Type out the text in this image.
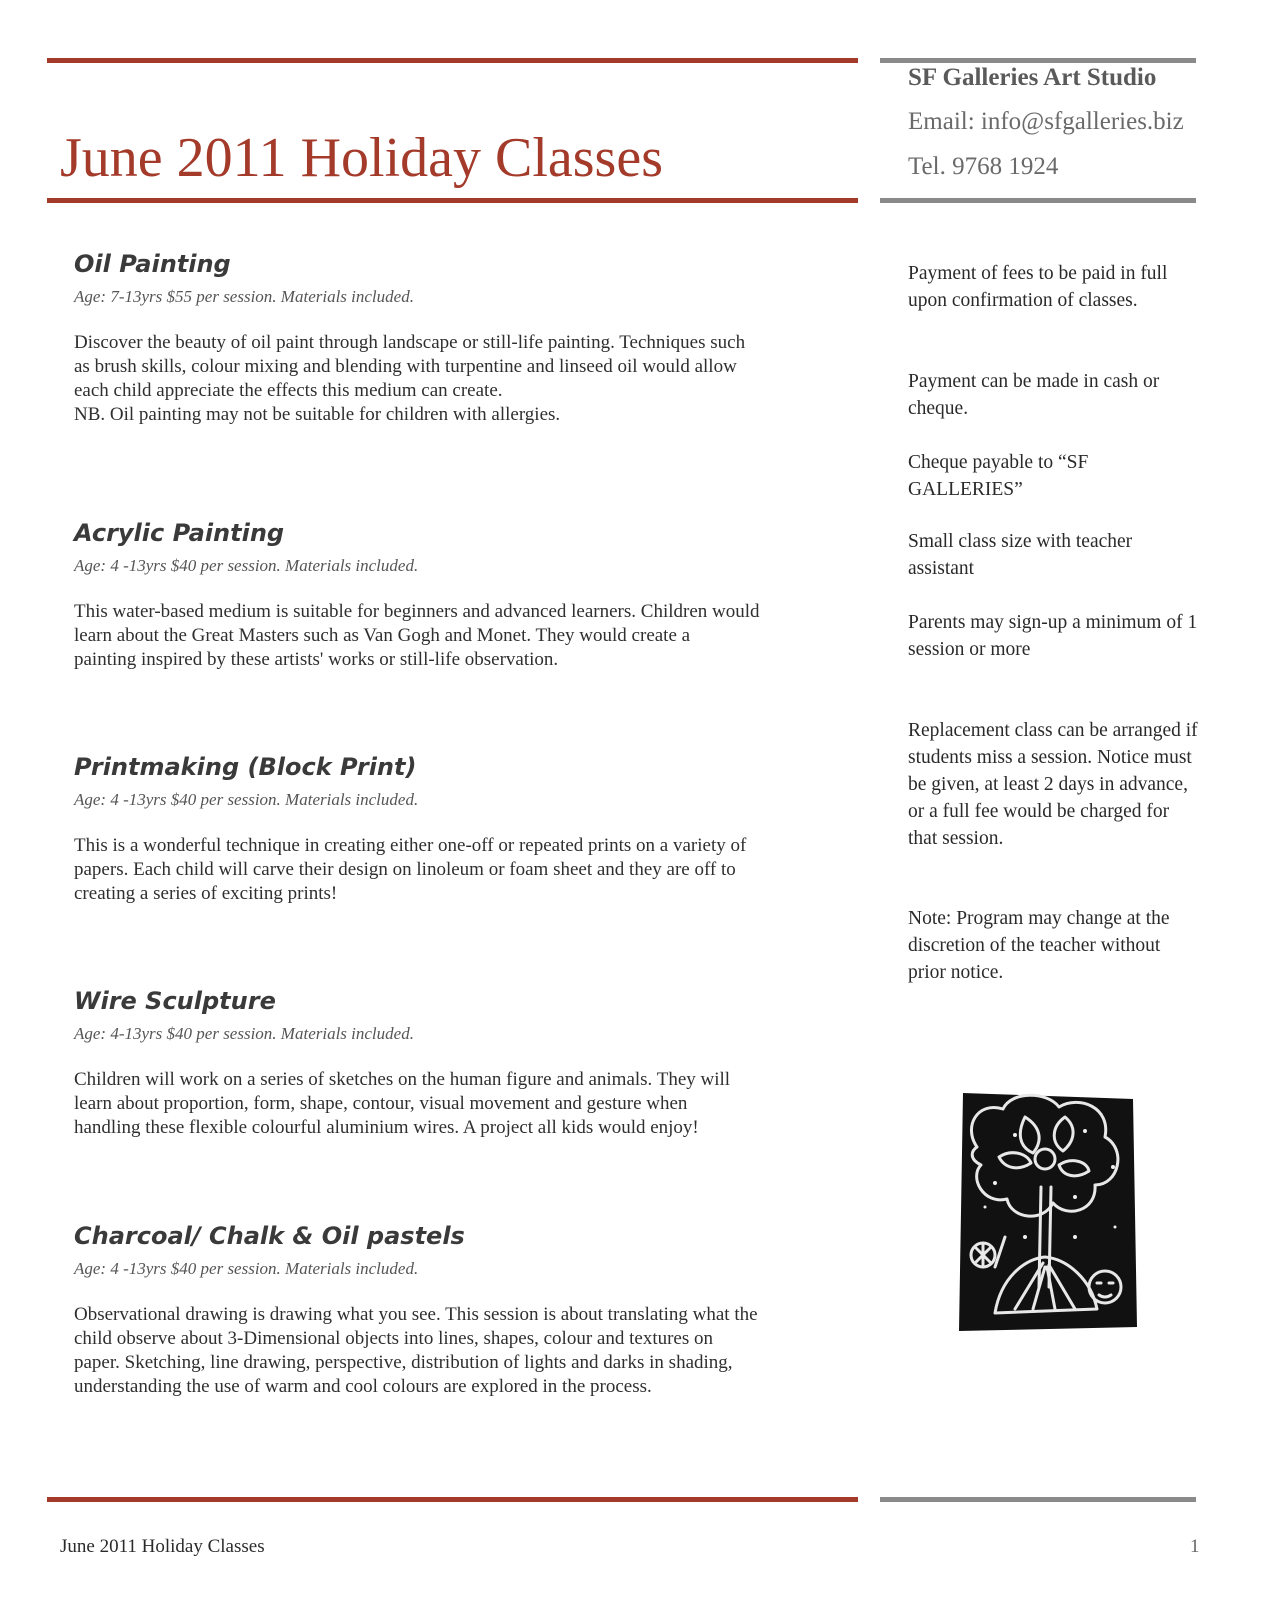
June 2011 Holiday Classes
SF Galleries Art Studio
Email: info@sfgalleries.biz
Tel. 9768 1924
Oil Painting
Age: 7-13yrs $55 per session. Materials included.
Discover the beauty of oil paint through landscape or still-life painting. Techniques such
as brush skills, colour mixing and blending with turpentine and linseed oil would allow
each child appreciate the effects this medium can create.
NB. Oil painting may not be suitable for children with allergies.
Acrylic Painting
Age: 4 -13yrs $40 per session. Materials included.
This water-based medium is suitable for beginners and advanced learners. Children would
learn about the Great Masters such as Van Gogh and Monet. They would create a
painting inspired by these artists' works or still-life observation.
Printmaking (Block Print)
Age: 4 -13yrs $40 per session. Materials included.
This is a wonderful technique in creating either one-off or repeated prints on a variety of
papers. Each child will carve their design on linoleum or foam sheet and they are off to
creating a series of exciting prints!
Wire Sculpture
Age: 4-13yrs $40 per session. Materials included.
Children will work on a series of sketches on the human figure and animals. They will
learn about proportion, form, shape, contour, visual movement and gesture when
handling these flexible colourful aluminium wires. A project all kids would enjoy!
Charcoal/ Chalk & Oil pastels
Age: 4 -13yrs $40 per session. Materials included.
Observational drawing is drawing what you see. This session is about translating what the
child observe about 3-Dimensional objects into lines, shapes, colour and textures on
paper. Sketching, line drawing, perspective, distribution of lights and darks in shading,
understanding the use of warm and cool colours are explored in the process.
Payment of fees to be paid in full upon confirmation of classes.
Payment can be made in cash or cheque.
Cheque payable to “SF GALLERIES”
Small class size with teacher assistant
Parents may sign-up a minimum of 1 session or more
Replacement class can be arranged if students miss a session. Notice must be given, at least 2 days in advance, or a full fee would be charged for that session.
Note: Program may change at the discretion of the teacher without prior notice.
June 2011 Holiday Classes	1
